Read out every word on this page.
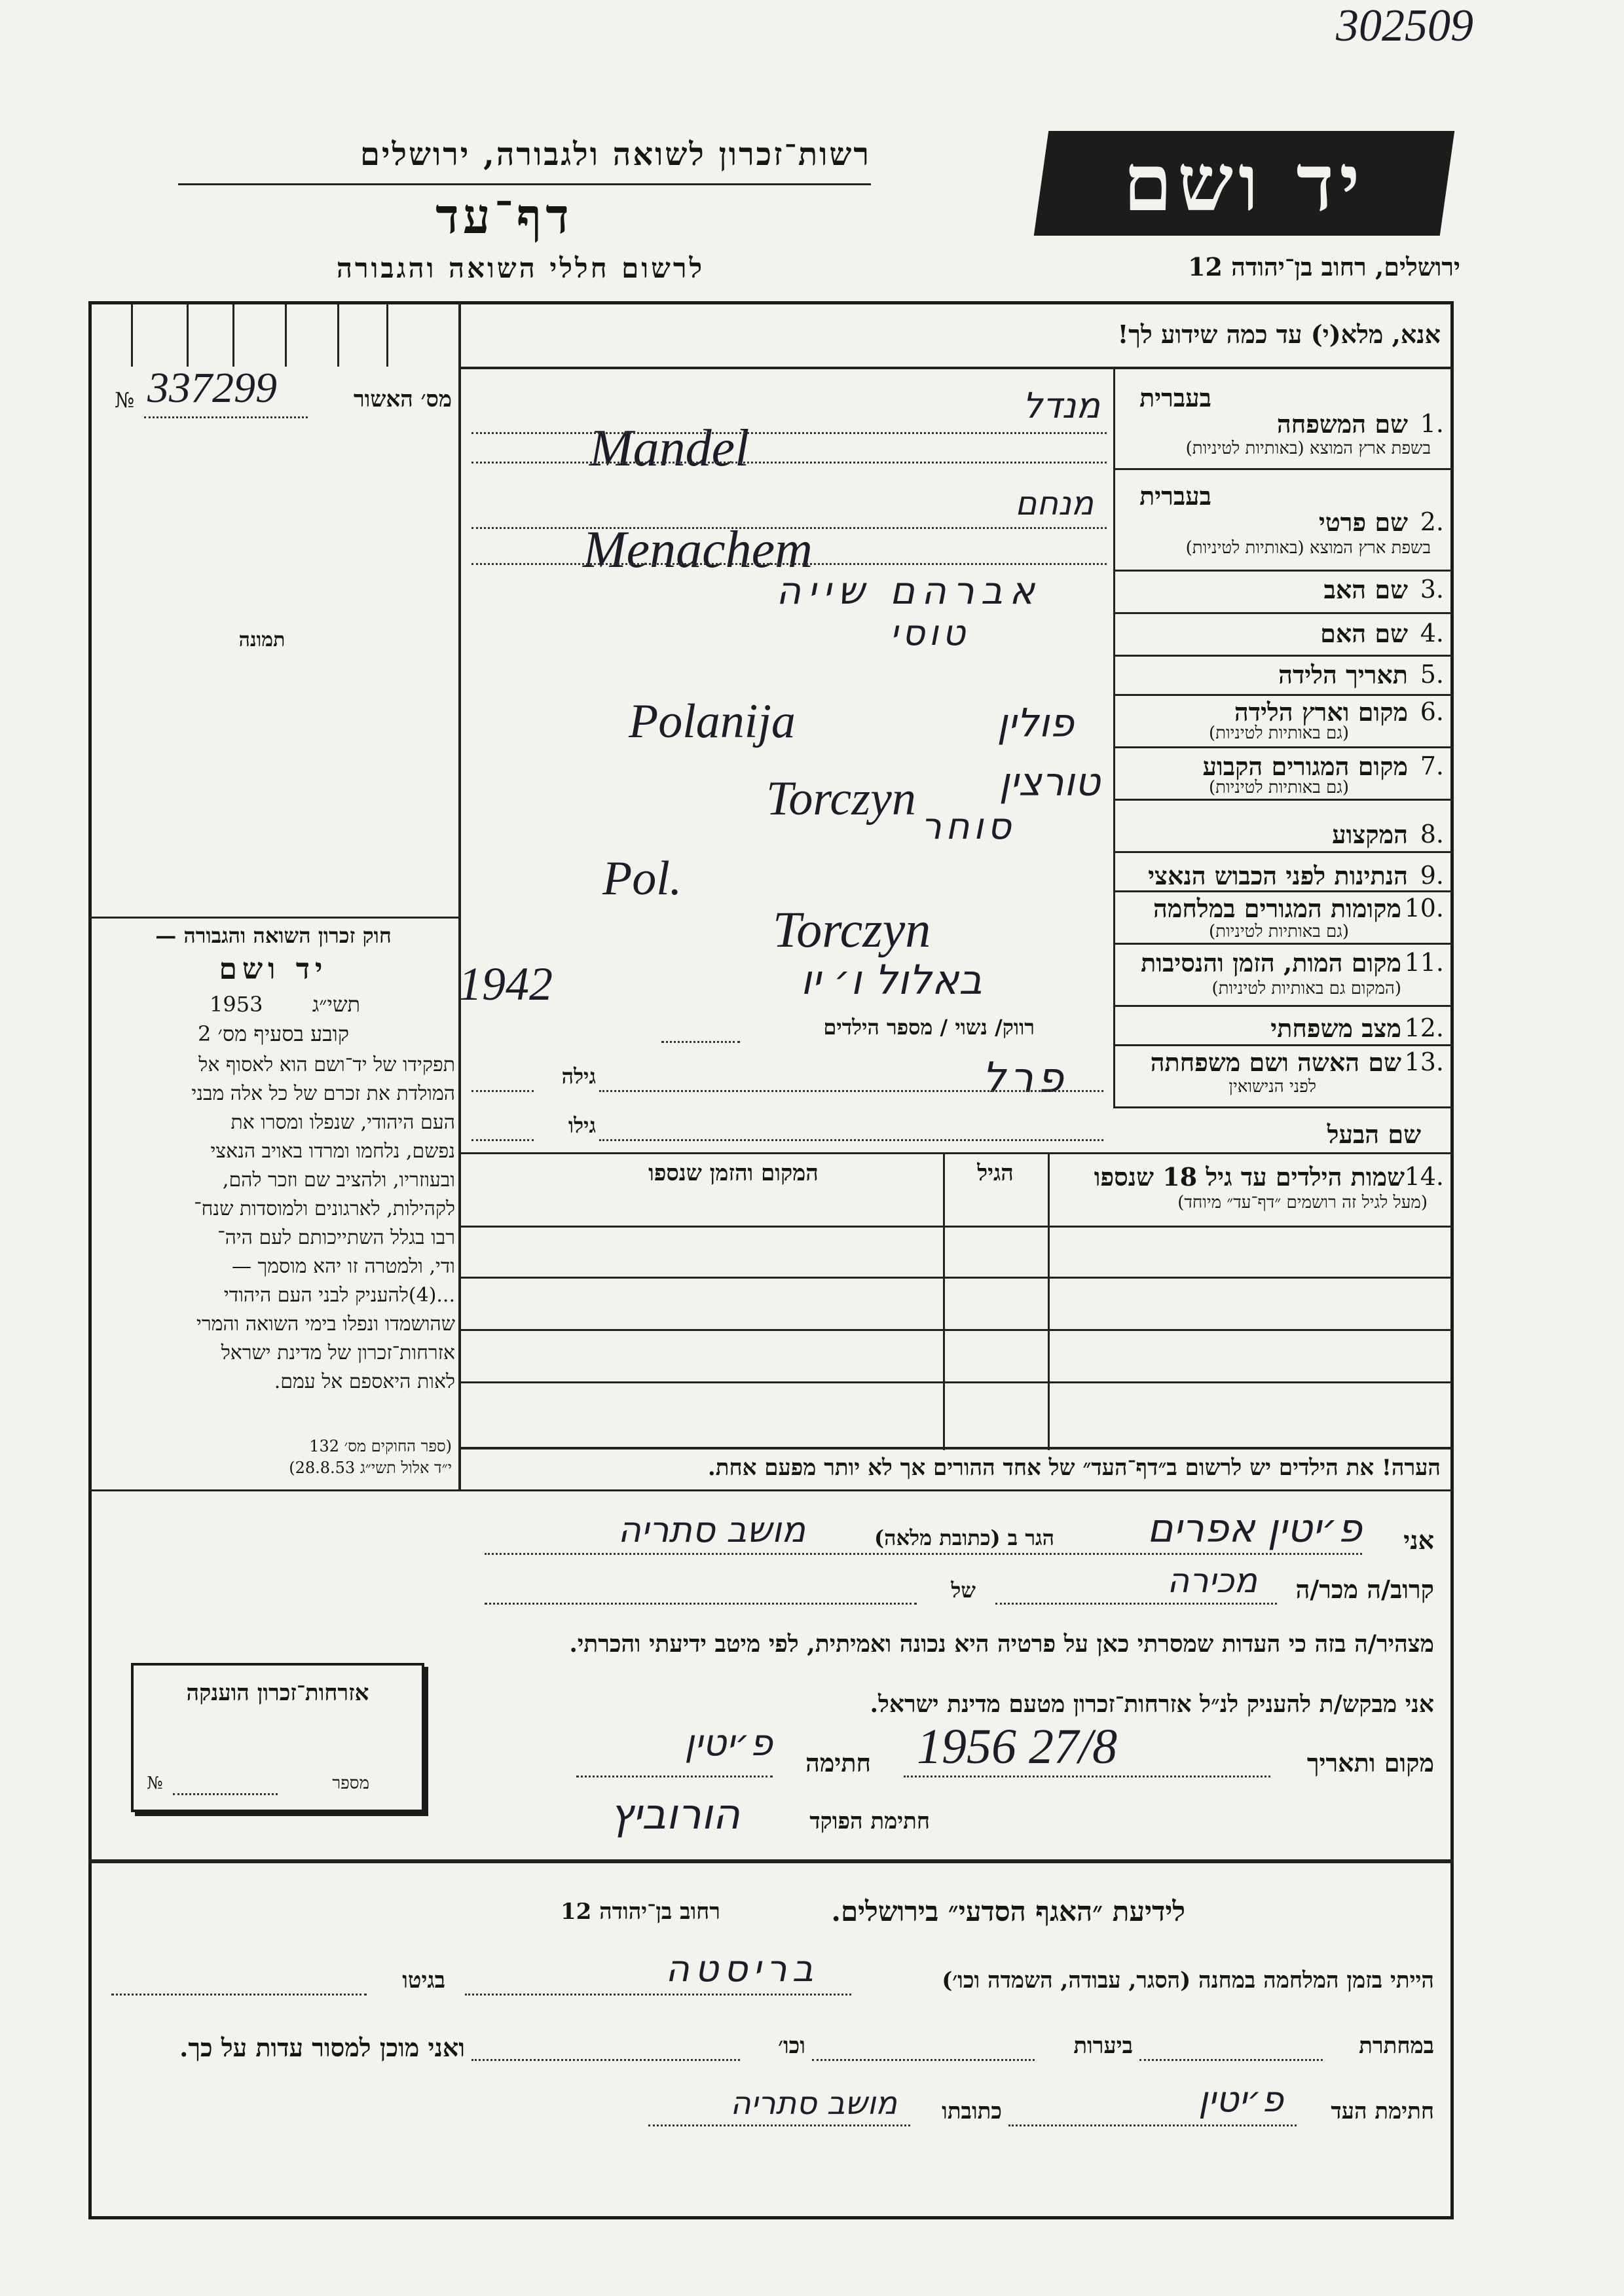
302509
רשות־זכרון לשואה ולגבורה, ירושלים
דף־עד
לרשום חללי השואה והגבורה
יד ושם
ירושלים, רחוב בן־יהודה 12
אנא, מלא(י) עד כמה שידוע לך!
מס׳ האשור
№ 337299
תמונה
בעברית
1.
שם המשפחה
בשפת ארץ המוצא (באותיות לטיניות)
מנדל
Mandel
בעברית
2.
שם פרטי
בשפת ארץ המוצא (באותיות לטיניות)
מנחם
Menachem
3.
שם האב
אברהם שייה
4.
שם האם
טוסי
5.
תאריך הלידה
6.
מקום וארץ הלידה
(גם באותיות לטיניות)
פולין
Polanija
7.
מקום המגורים הקבוע
(גם באותיות לטיניות)
טורצין
Torczyn
8.
המקצוע
סוחר
9.
הנתינות לפני הכבוש הנאצי
Pol.
10.
מקומות המגורים במלחמה
(גם באותיות לטיניות)
Torczyn
11.
מקום המות, הזמן והנסיבות
(המקום גם באותיות לטיניות)
באלול ו׳ יו
1942
12.
מצב משפחתי
רווק/ נשוי / מספר הילדים
13.
שם האשה ושם משפחתה
לפני הנישואין
פרל
גילה
שם הבעל
גילו
14.
שמות הילדים עד גיל 18 שנספו
(מעל לגיל זה רושמים ״דף־עד״ מיוחד)
הגיל
המקום והזמן שנספו
חוק זכרון השואה והגבורה —
יד ושם
1953	תשי״ג
קובע בסעיף מס׳ 2
תפקידו של יד־ושם הוא לאסוף אל
המולדת את זכרם של כל אלה מבני
העם היהודי, שנפלו ומסרו את
נפשם, נלחמו ומרדו באויב הנאצי
ובעוזריו, ולהציב שם וזכר להם,
לקהילות, לארגונים ולמוסדות שנח־
רבו בגלל השתייכותם לעם היה־
ודי, ולמטרה זו יהא מוסמך —
...(4)להעניק לבני העם היהודי
שהושמדו ונפלו בימי השואה והמרי
אזרחות־זכרון של מדינת ישראל
לאות היאספם אל עמם.
(ספר החוקים מס׳ 132
י״ד אלול תשי״ג 28.8.53)	הערה! את הילדים יש לרשום ב״דף־העד״ של אחד ההורים אך לא יותר מפעם אחת.
אני
פ׳יטין אפרים
הגר ב (כתובת מלאה)
מושב סתריה
קרוב/ה מכר/ה
מכירה
של
מצהיר/ה בזה כי העדות שמסרתי כאן על פרטיה היא נכונה ואמיתית, לפי מיטב ידיעתי והכרתי.
אני מבקש/ת להעניק לנ״ל אזרחות־זכרון מטעם מדינת ישראל.
מקום ותאריך
1956 27/8
חתימה
פ׳יטין
חתימת הפוקד
הורוביץ
אזרחות־זכרון הוענקה
מספר
№
לידיעת ״האגף הסדעי״ בירושלים.
רחוב בן־יהודה 12
הייתי בזמן המלחמה במחנה (הסגר, עבודה, השמדה וכו׳)
בריסטה
בגיטו
במחתרת
ביערות
וכו׳
ואני מוכן למסור עדות על כך.
חתימת העד
פ׳יטין
כתובתו
מושב סתריה
